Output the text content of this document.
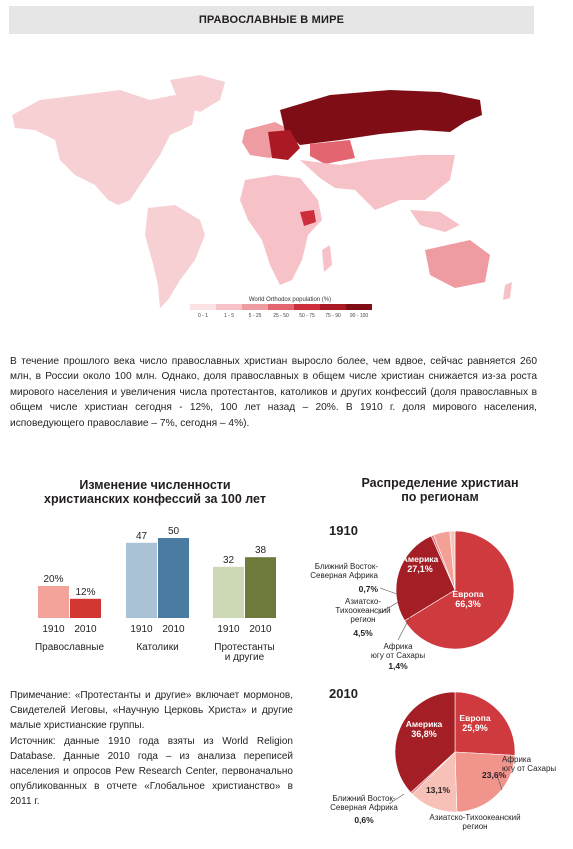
ПРАВОСЛАВНЫЕ В МИРЕ
World Orthodox population (%)
0 - 1	1 - 5	5 - 25 25 - 50 50 - 75 75 - 90 90 - 100
В течение прошлого века число православных христиан выросло более, чем вдвое, сейчас равняется 260 млн, в России около 100 млн. Однако, доля православных в общем числе христиан снижается из-за роста мирового населения и увеличения числа протестантов, католиков и других конфессий (доля православных в общем числе христиан сегодня - 12%, 100 лет назад – 20%. В 1910 г. доля мирового населения, исповедующего православие – 7%, сегодня – 4%).
Изменение численности
христианских конфессий за 100 лет
Распределение христиан
по регионам
20%
1910
12%
2010
Православные
47
1910
50
2010
Католики
32
1910
38
2010
Протестанты и другие
1910
2010
Европа
66,3%
Америка
27,1%
Ближний Восток-Северная Африка
0,7%
Азиатско-Тихоокеанский регион
4,5%
Африка югу от Сахары
1,4%
Европа
25,9%
Африка югу от Сахары
23,6%
Азиатско-Тихоокеанский регион
13,1%
Ближний Восток-Северная Африка
0,6%
Америка
36,8%

Примечание: «Протестанты и другие» включает мормонов, Свидетелей Иеговы, «Научную Церковь Христа» и другие малые христианские группы.

Источник: данные 1910 года взяты из World Religion Database. Данные 2010 года – из анализа переписей населения и опросов Pew Research Center, первоначально опубликованных в отчете «Глобальное христианство» в 2011 г.
